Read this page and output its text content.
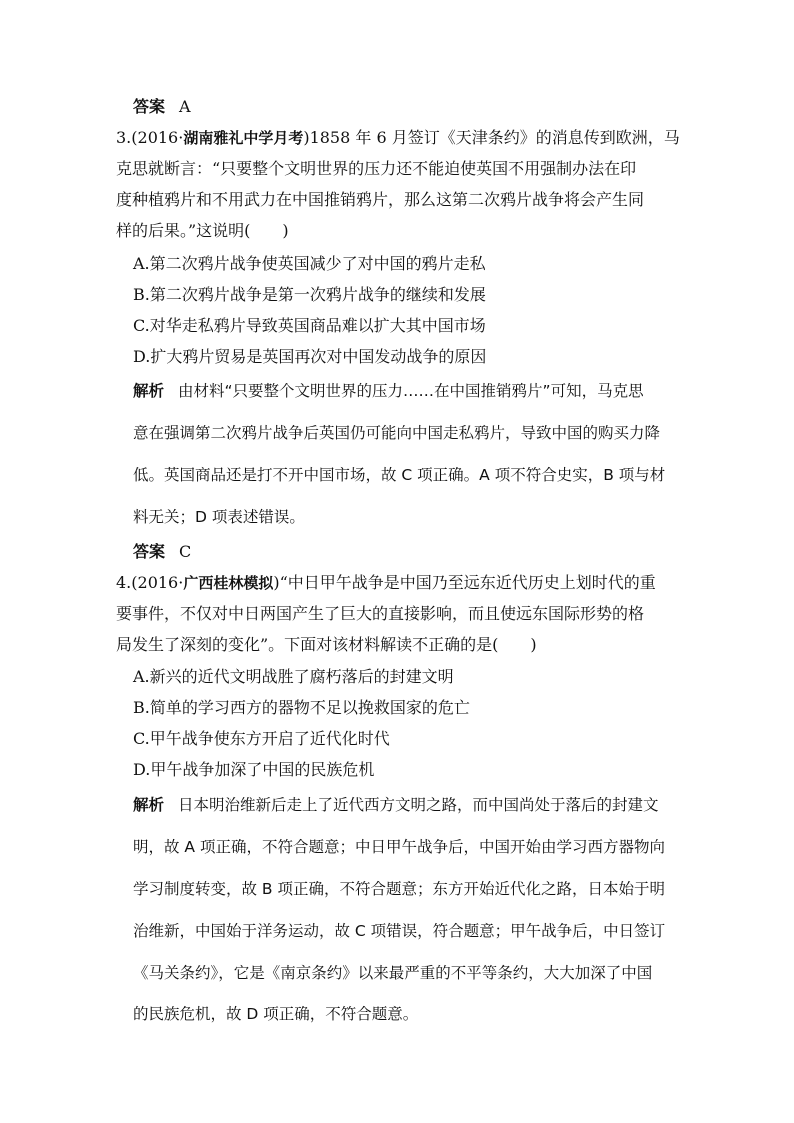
答案 A
3.(2016·湖南雅礼中学月考)1858 年 6 月签订《天津条约》的消息传到欧洲，马
克思就断言：“只要整个文明世界的压力还不能迫使英国不用强制办法在印
度种植鸦片和不用武力在中国推销鸦片，那么这第二次鸦片战争将会产生同
样的后果。”这说明(　　)
A.第二次鸦片战争使英国减少了对中国的鸦片走私
B.第二次鸦片战争是第一次鸦片战争的继续和发展
C.对华走私鸦片导致英国商品难以扩大其中国市场
D.扩大鸦片贸易是英国再次对中国发动战争的原因
解析 由材料“只要整个文明世界的压力……在中国推销鸦片”可知，马克思
意在强调第二次鸦片战争后英国仍可能向中国走私鸦片，导致中国的购买力降
低。英国商品还是打不开中国市场，故 C 项正确。A 项不符合史实，B 项与材
料无关；D 项表述错误。
答案 C
4.(2016·广西桂林模拟)“中日甲午战争是中国乃至远东近代历史上划时代的重
要事件，不仅对中日两国产生了巨大的直接影响，而且使远东国际形势的格
局发生了深刻的变化”。下面对该材料解读不正确的是(　　)
A.新兴的近代文明战胜了腐朽落后的封建文明
B.简单的学习西方的器物不足以挽救国家的危亡
C.甲午战争使东方开启了近代化时代
D.甲午战争加深了中国的民族危机
解析 日本明治维新后走上了近代西方文明之路，而中国尚处于落后的封建文
明，故 A 项正确，不符合题意；中日甲午战争后，中国开始由学习西方器物向
学习制度转变，故 B 项正确，不符合题意；东方开始近代化之路，日本始于明
治维新，中国始于洋务运动，故 C 项错误，符合题意；甲午战争后，中日签订
《马关条约》，它是《南京条约》以来最严重的不平等条约，大大加深了中国
的民族危机，故 D 项正确，不符合题意。
